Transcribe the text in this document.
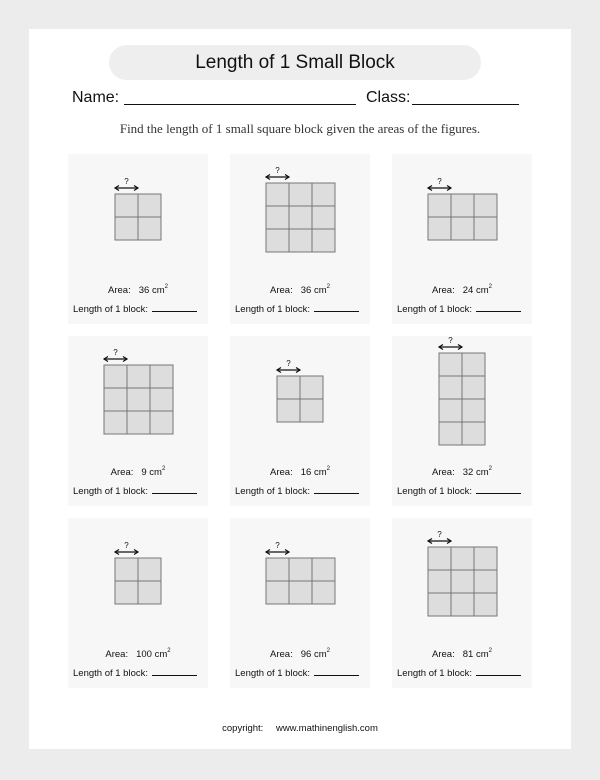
Length of 1 Small Block
Name:	Class:
Find the length of 1 small square block given the areas of the figures.
?
Area: 36 $cm^2$
Length of 1 block:
?
Area: 36 $cm^2$
Length of 1 block:
?
Area: 24 $cm^2$
Length of 1 block:
?
Area: 9 $cm^2$
Length of 1 block:
?
Area: 16 $cm^2$
Length of 1 block:
?
Area: 32 $cm^2$
Length of 1 block:
?
Area: 100 $cm^2$
Length of 1 block:
?
Area: 96 $cm^2$
Length of 1 block:
?
Area: 81 $cm^2$
Length of 1 block:
copyright: www.mathinenglish.com
